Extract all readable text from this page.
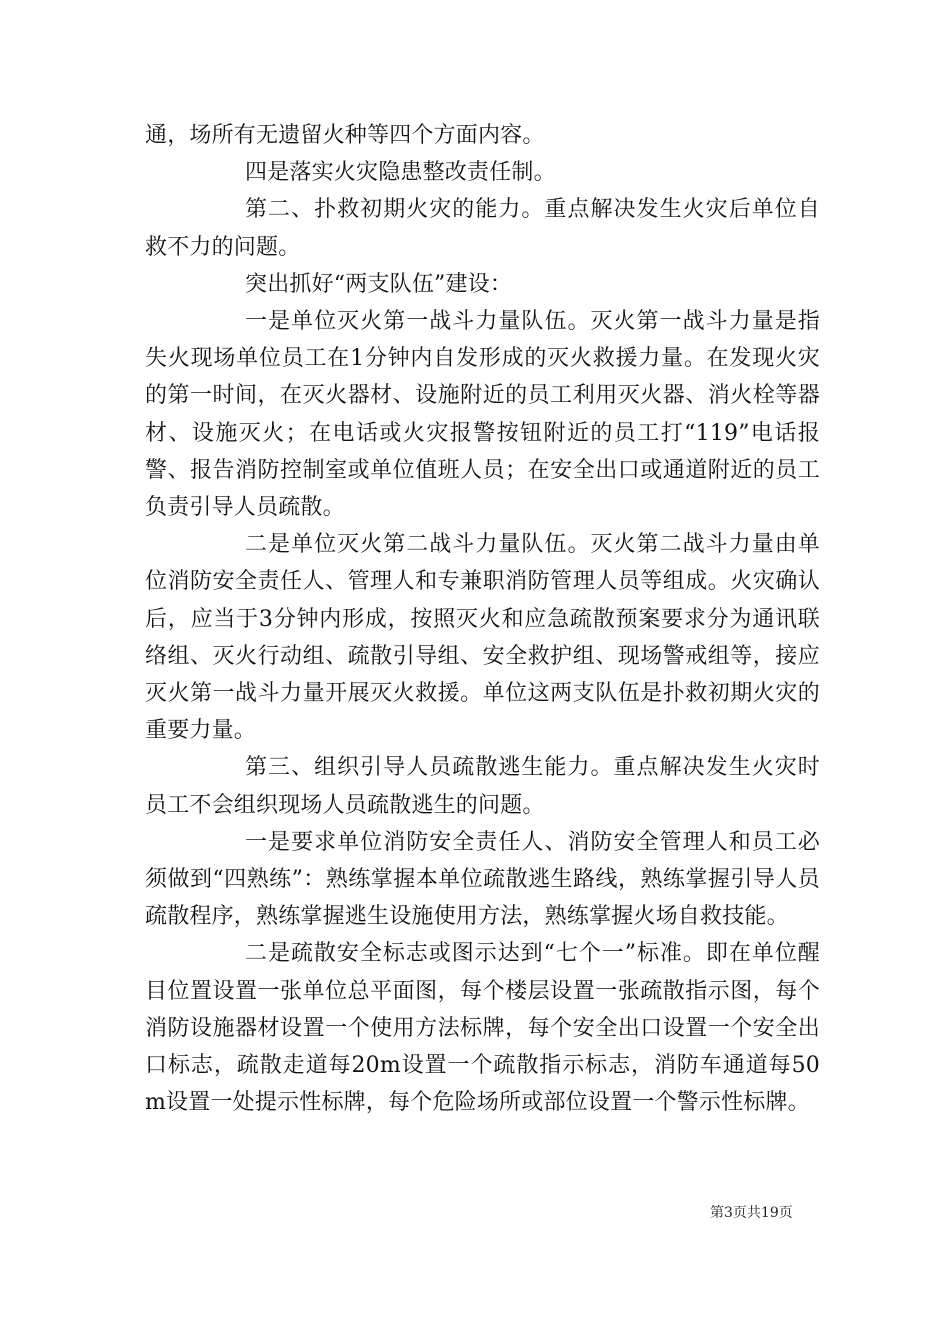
通，场所有无遗留火种等四个方面内容。

四是落实火灾隐患整改责任制。

第二、扑救初期火灾的能力。重点解决发生火灾后单位自救不力的问题。

突出抓好“两支队伍”建设：

一是单位灭火第一战斗力量队伍。灭火第一战斗力量是指失火现场单位员工在1分钟内自发形成的灭火救援力量。在发现火灾的第一时间，在灭火器材、设施附近的员工利用灭火器、消火栓等器材、设施灭火；在电话或火灾报警按钮附近的员工打“119”电话报警、报告消防控制室或单位值班人员；在安全出口或通道附近的员工负责引导人员疏散。

二是单位灭火第二战斗力量队伍。灭火第二战斗力量由单位消防安全责任人、管理人和专兼职消防管理人员等组成。火灾确认后，应当于3分钟内形成，按照灭火和应急疏散预案要求分为通讯联络组、灭火行动组、疏散引导组、安全救护组、现场警戒组等，接应灭火第一战斗力量开展灭火救援。单位这两支队伍是扑救初期火灾的重要力量。

第三、组织引导人员疏散逃生能力。重点解决发生火灾时员工不会组织现场人员疏散逃生的问题。

一是要求单位消防安全责任人、消防安全管理人和员工必须做到“四熟练”：熟练掌握本单位疏散逃生路线，熟练掌握引导人员疏散程序，熟练掌握逃生设施使用方法，熟练掌握火场自救技能。

二是疏散安全标志或图示达到“七个一”标准。即在单位醒目位置设置一张单位总平面图，每个楼层设置一张疏散指示图，每个消防设施器材设置一个使用方法标牌，每个安全出口设置一个安全出口标志，疏散走道每20m设置一个疏散指示标志，消防车通道每50m设置一处提示性标牌，每个危险场所或部位设置一个警示性标牌。

第3页共19页
